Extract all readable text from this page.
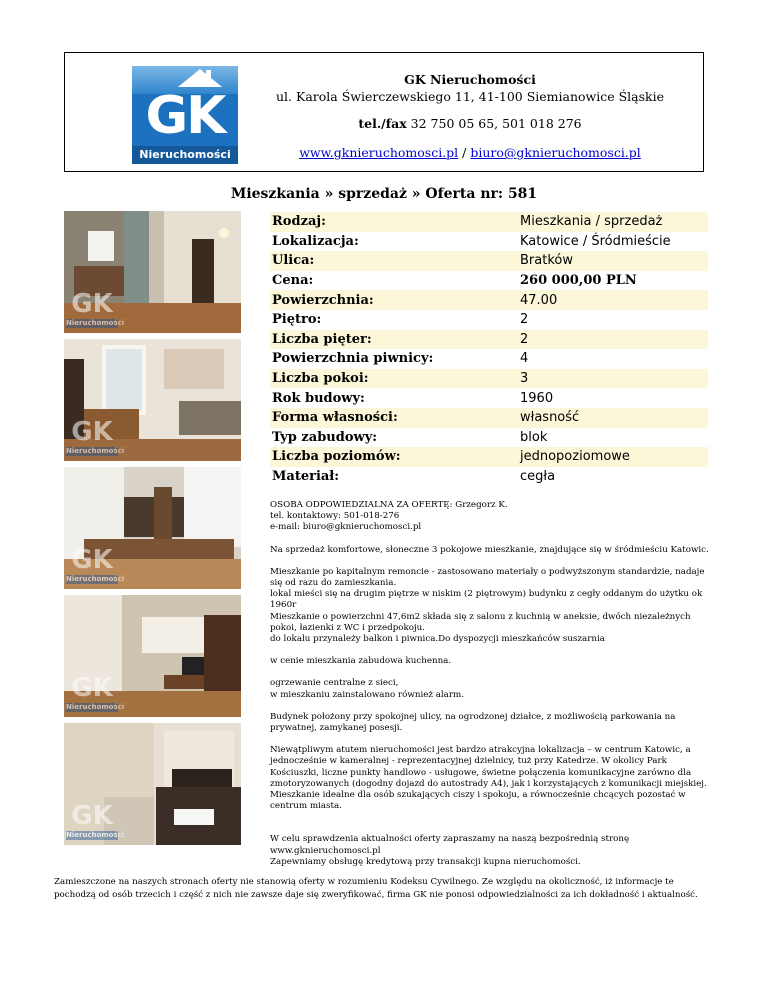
GK
Nieruchomości
GK Nieruchomości
ul. Karola Świerczewskiego 11, 41-100 Siemianowice Śląskie
tel./fax 32 750 05 65, 501 018 276
www.gknieruchomosci.pl / biuro@gknieruchomosci.pl
Mieszkania » sprzedaż » Oferta nr: 581
GK
Nieruchomości
GK
Nieruchomości
GK
Nieruchomości
GK
Nieruchomości
GK
Nieruchomości
Rodzaj:	Mieszkania / sprzedaż
Lokalizacja:	Katowice / Śródmieście
Ulica:	Bratków
Cena:	260 000,00 PLN
Powierzchnia:	47.00
Piętro:	2
Liczba pięter:	2
Powierzchnia piwnicy:	4
Liczba pokoi:	3
Rok budowy:	1960
Forma własności:	własność
Typ zabudowy:	blok
Liczba poziomów:	jednopoziomowe
Materiał:	cegła

OSOBA ODPOWIEDZIALNA ZA OFERTĘ: Grzegorz K.
tel. kontaktowy: 501-018-276
e-mail: biuro@gknieruchomosci.pl

Na sprzedaż komfortowe, słoneczne 3 pokojowe mieszkanie, znajdujące się w śródmieściu Katowic.

Mieszkanie po kapitalnym remoncie - zastosowano materiały o podwyższonym standardzie, nadaje się od razu do zamieszkania.
lokal mieści się na drugim piętrze w niskim (2 piętrowym) budynku z cegły oddanym do użytku ok 1960r
Mieszkanie o powierzchni 47,6m2 składa się z salonu z kuchnią w aneksie, dwóch niezależnych pokoi, łazienki z WC i przedpokoju.
do lokalu przynależy balkon i piwnica.Do dyspozycji mieszkańców suszarnia

w cenie mieszkania zabudowa kuchenna.

ogrzewanie centralne z sieci,
w mieszkaniu zainstalowano również alarm.

Budynek położony przy spokojnej ulicy, na ogrodzonej działce, z możliwością parkowania na prywatnej, zamykanej posesji.

Niewątpliwym atutem nieruchomości jest bardzo atrakcyjna lokalizacja – w centrum Katowic, a jednocześnie w kameralnej - reprezentacyjnej dzielnicy, tuż przy Katedrze. W okolicy Park Kościuszki, liczne punkty handlowo - usługowe, świetne połączenia komunikacyjne zarówno dla zmotoryzowanych (dogodny dojazd do autostrady A4), jak i korzystających z komunikacji miejskiej. Mieszkanie idealne dla osób szukających ciszy i spokoju, a równocześnie chcących pozostać w centrum miasta.

W celu sprawdzenia aktualności oferty zapraszamy na naszą bezpośrednią stronę
www.gknieruchomosci.pl
Zapewniamy obsługę kredytową przy transakcji kupna nieruchomości.

Zamieszczone na naszych stronach oferty nie stanowią oferty w rozumieniu Kodeksu Cywilnego. Ze względu na okoliczność, iż informacje te pochodzą od osób trzecich i część z nich nie zawsze daje się zweryfikować, firma GK nie ponosi odpowiedzialności za ich dokładność i aktualność.
